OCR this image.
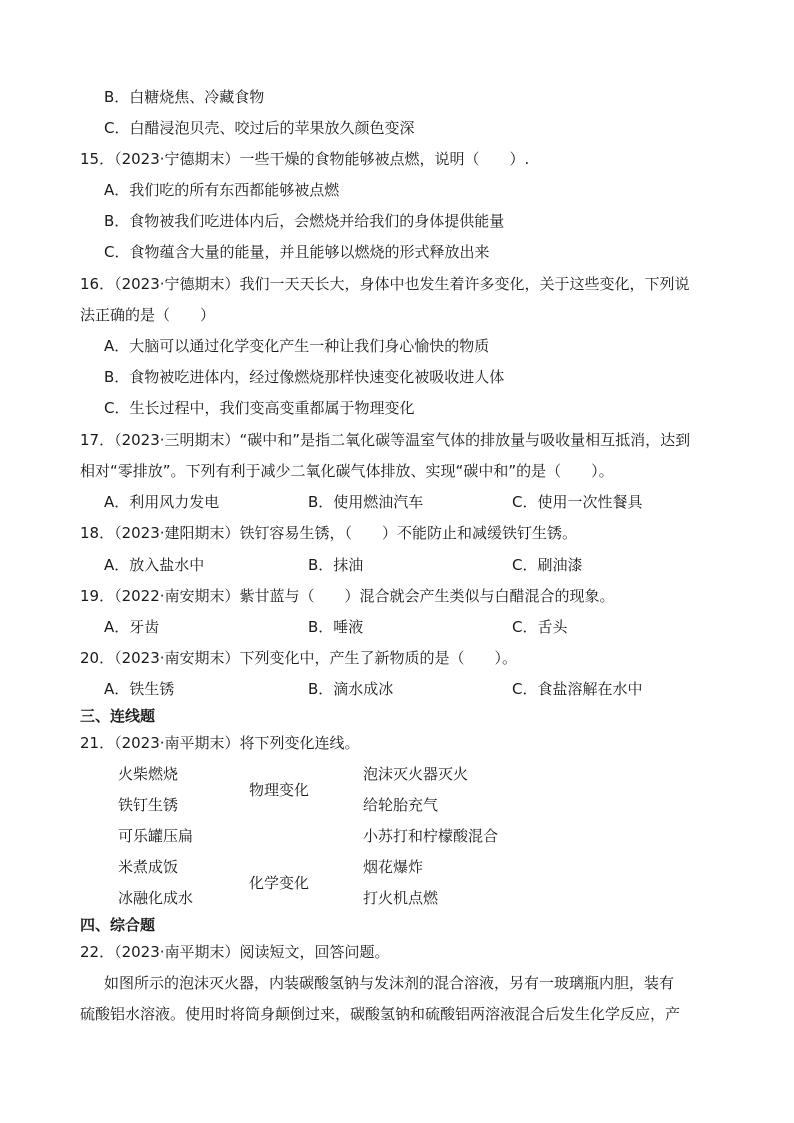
B．白糖烧焦、冷藏食物
C．白醋浸泡贝壳、咬过后的苹果放久颜色变深
15．（2023·宁德期末）一些干燥的食物能够被点燃，说明（　　）.
A．我们吃的所有东西都能够被点燃
B．食物被我们吃进体内后，会燃烧并给我们的身体提供能量
C．食物蕴含大量的能量，并且能够以燃烧的形式释放出来
16．（2023·宁德期末）我们一天天长大，身体中也发生着许多变化，关于这些变化，下列说
法正确的是（　　）
A．大脑可以通过化学变化产生一种让我们身心愉快的物质
B．食物被吃进体内，经过像燃烧那样快速变化被吸收进人体
C．生长过程中，我们变高变重都属于物理变化
17．（2023·三明期末）“碳中和”是指二氧化碳等温室气体的排放量与吸收量相互抵消，达到
相对“零排放”。下列有利于减少二氧化碳气体排放、实现“碳中和”的是（　　）。
A．利用风力发电	B．使用燃油汽车	C．使用一次性餐具
18．（2023·建阳期末）铁钉容易生锈，（　　）不能防止和减缓铁钉生锈。
A．放入盐水中	B．抹油	C．刷油漆
19．（2022·南安期末）紫甘蓝与（　　）混合就会产生类似与白醋混合的现象。
A．牙齿	B．唾液	C．舌头
20．（2023·南安期末）下列变化中，产生了新物质的是（　　）。
A．铁生锈	B．滴水成冰	C．食盐溶解在水中
三、连线题
21．（2023·南平期末）将下列变化连线。
火柴燃烧
铁钉生锈
可乐罐压扁
米煮成饭
冰融化成水
物理变化
化学变化
泡沫灭火器灭火
给轮胎充气
小苏打和柠檬酸混合
烟花爆炸
打火机点燃
四、综合题
22．（2023·南平期末）阅读短文，回答问题。
如图所示的泡沫灭火器，内装碳酸氢钠与发沫剂的混合溶液，另有一玻璃瓶内胆，装有
硫酸铝水溶液。使用时将筒身颠倒过来，碳酸氢钠和硫酸铝两溶液混合后发生化学反应，产
